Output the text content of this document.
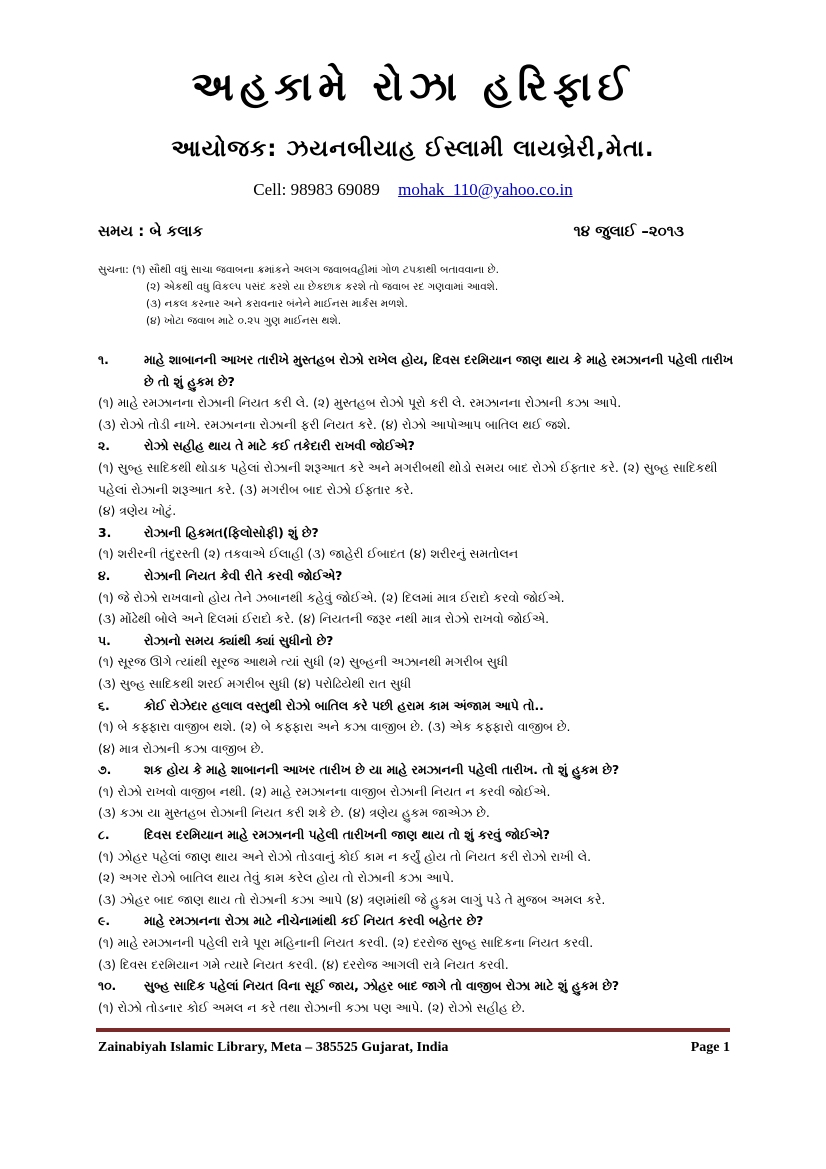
અહકામે રોઝા હરિફાઈ
આયોજક: ઝયનબીયાહ ઈસ્લામી લાયબ્રેરી,મેતા.
Cell: 98983 69089 mohak_110@yahoo.co.in
સમય : બે કલાક	૧૪ જુલાઈ –૨૦૧૩
સુચના: (૧) સૌથી વધું સાચા જવાબના ક્રમાંકને અલગ જવાબવહીમાં ગોળ ટપકાથી બતાવવાના છે.
(૨) એકથી વધુ વિકલ્પ પસંદ કરશે યા છેકછાક કરશે તો જવાબ રદ ગણવામાં આવશે.
(૩) નકલ કરનાર અને કરાવનાર બંનેને માઈનસ માર્કસ મળશે.
(૪) ખોટા જવાબ માટે ૦.૨૫ ગુણ માઈનસ થશે.
૧.	માહે શાબાનની આખર તારીખે મુસ્તહબ રોઝો રાખેલ હોય, દિવસ દરમિયાન જાણ થાય કે માહે રમઝાનની પહેલી તારીખ છે તો શું હુકમ છે?
(૧) માહે રમઝાનના રોઝાની નિયત કરી લે. (૨) મુસ્તહબ રોઝો પૂરો કરી લે. રમઝાનના રોઝાની કઝા આપે.
(૩) રોઝો તોડી નાખે. રમઝાનના રોઝાની ફરી નિયત કરે. (૪) રોઝો આપોઆપ બાતિલ થઈ જશે.
૨.	રોઝો સહીહ થાય તે માટે કઈ તકેદારી રાખવી જોઈએ?
(૧) સુબ્હ સાદિકથી થોડાક પહેલાં રોઝાની શરૂઆત કરે અને મગરીબથી થોડો સમય બાદ રોઝો ઈફ્તાર કરે. (૨) સુબ્હ સાદિકથી પહેલાં રોઝાની શરૂઆત કરે. (૩) મગરીબ બાદ રોઝો ઈફ્તાર કરે.
(૪) ત્રણેય ખોટું.
3.	રોઝાની હિકમત(ફિલોસોફી) શું છે?
(૧) શરીરની તંદુરસ્તી (૨) તકવાએ ઈલાહી (૩) જાહેરી ઈબાદત (૪) શરીરનું સમતોલન
૪.	રોઝાની નિયત કેવી રીતે કરવી જોઈએ?
(૧) જે રોઝો રાખવાનો હોય તેને ઝબાનથી કહેવું જોઈએ. (૨) દિલમાં માત્ર ઈરાદો કરવો જોઈએ.
(૩) મોંઢેથી બોલે અને દિલમાં ઈરાદો કરે. (૪) નિયતની જરૂર નથી માત્ર રોઝો રાખવો જોઈએ.
૫.	રોઝાનો સમય ક્યાંથી ક્યાં સુધીનો છે?
(૧) સૂરજ ઊગે ત્યાંથી સૂરજ આથમે ત્યાં સુધી (૨) સુબ્હની અઝાનથી મગરીબ સુધી
(૩) સુબ્હ સાદિકથી શરઈ મગરીબ સુધી (૪) પરોઢિયેથી રાત સુધી
૬.	કોઈ રોઝેદાર હલાલ વસ્તુથી રોઝો બાતિલ કરે પછી હરામ કામ અંજામ આપે તો..
(૧) બે કફ્ફારા વાજીબ થશે. (૨) બે કફ્ફારા અને કઝા વાજીબ છે. (૩) એક કફ્ફારો વાજીબ છે.
(૪) માત્ર રોઝાની કઝા વાજીબ છે.
૭.	શક હોય કે માહે શાબાનની આખર તારીખ છે યા માહે રમઝાનની પહેલી તારીખ. તો શું હુકમ છે?
(૧) રોઝો રાખવો વાજીબ નથી. (૨) માહે રમઝાનના વાજીબ રોઝાની નિયત ન કરવી જોઈએ.
(૩) કઝા યા મુસ્તહબ રોઝાની નિયત કરી શકે છે. (૪) ત્રણેય હુકમ જાએઝ છે.
૮.	દિવસ દરમિયાન માહે રમઝાનની પહેલી તારીખની જાણ થાય તો શું કરવું જોઈએ?
(૧) ઝોહર પહેલાં જાણ થાય અને રોઝો તોડવાનું કોઈ કામ ન કર્યું હોય તો નિયત કરી રોઝો રાખી લે.
(૨) અગર રોઝો બાતિલ થાય તેવું કામ કરેલ હોય તો રોઝાની કઝા આપે.
(૩) ઝોહર બાદ જાણ થાય તો રોઝાની કઝા આપે (૪) ત્રણમાંથી જે હુકમ લાગું પડે તે મુજબ અમલ કરે.
૯.	માહે રમઝાનના રોઝા માટે નીચેનામાંથી કઈ નિયત કરવી બહેતર છે?
(૧) માહે રમઝાનની પહેલી રાત્રે પૂરા મહિનાની નિયત કરવી. (૨) દરરોજ સુબ્હ સાદિકના નિયત કરવી.
(૩) દિવસ દરમિયાન ગમે ત્યારે નિયત કરવી. (૪) દરરોજ આગલી રાત્રે નિયત કરવી.
૧૦.	સુબ્હ સાદિક પહેલાં નિયત વિના સૂઈ જાય, ઝોહર બાદ જાગે તો વાજીબ રોઝા માટે શું હુકમ છે?
(૧) રોઝો તોડનાર કોઈ અમલ ન કરે તથા રોઝાની કઝા પણ આપે. (૨) રોઝો સહીહ છે.
Zainabiyah Islamic Library, Meta – 385525 Gujarat, India	Page 1
